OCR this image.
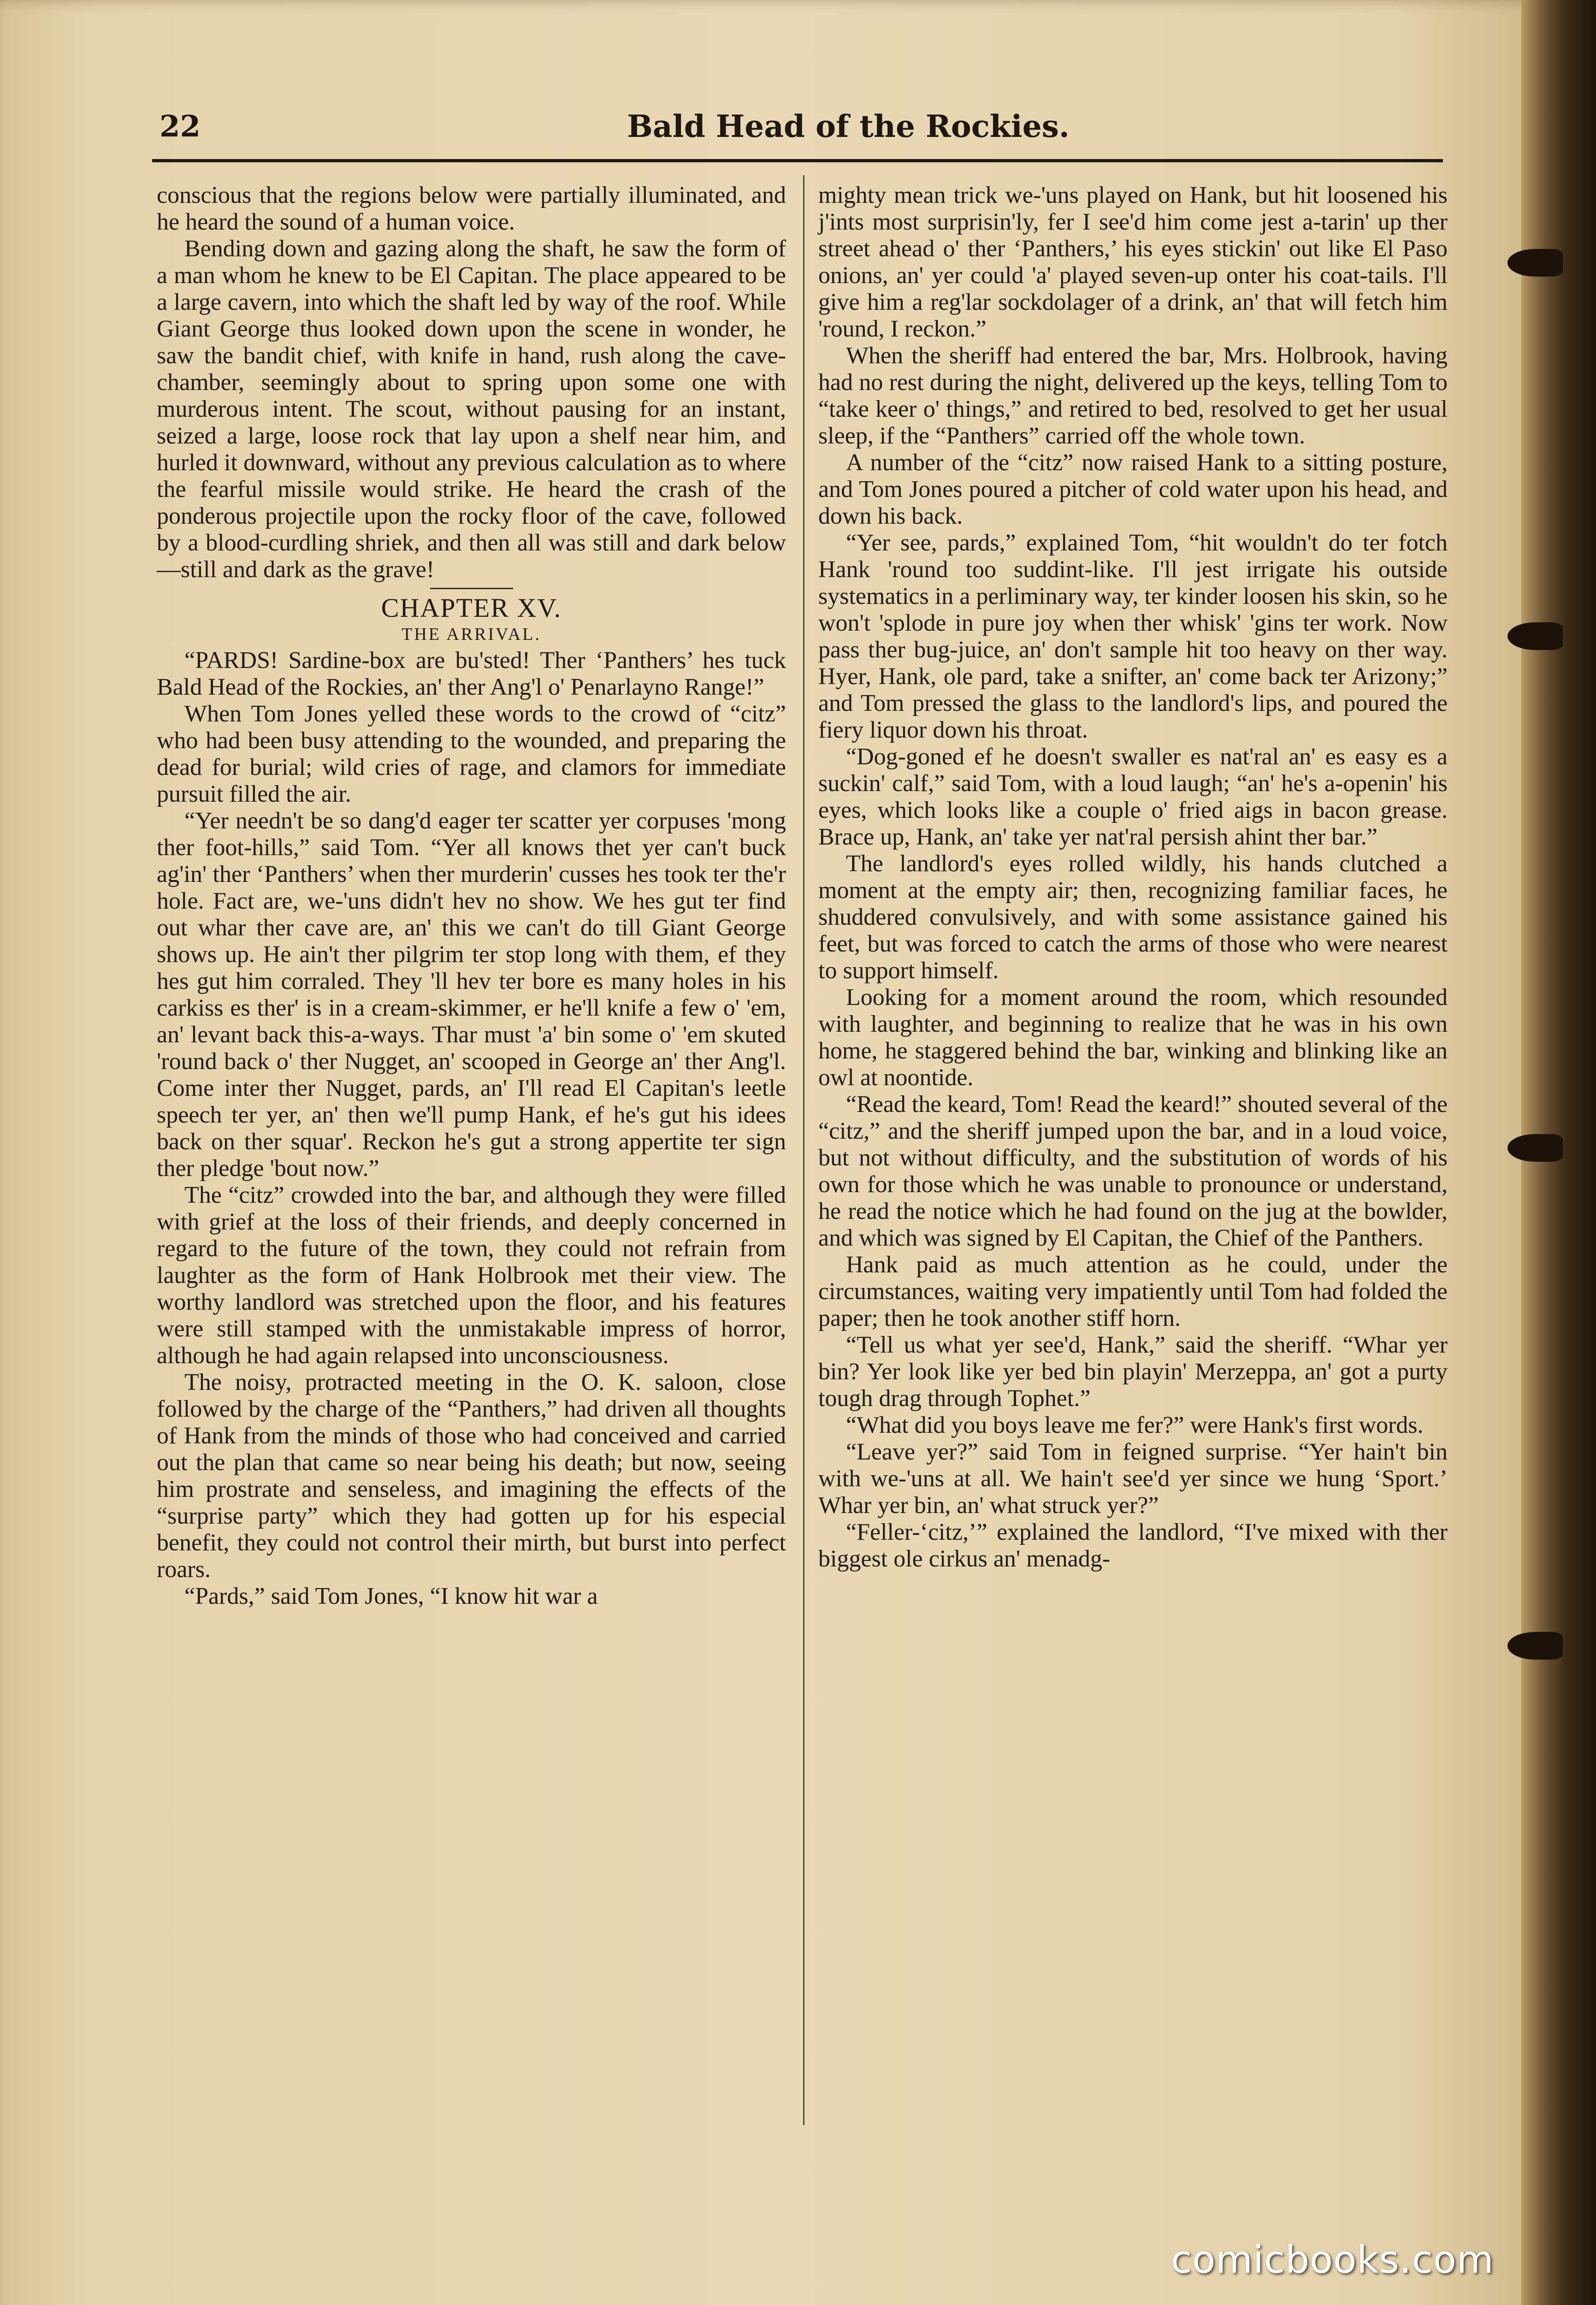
22	Bald Head of the Rockies.

conscious that the regions below were partially illuminated, and he heard the sound of a human voice.

Bending down and gazing along the shaft, he saw the form of a man whom he knew to be El Capitan. The place appeared to be a large cavern, into which the shaft led by way of the roof. While Giant George thus looked down upon the scene in wonder, he saw the bandit chief, with knife in hand, rush along the cave-chamber, seemingly about to spring upon some one with murderous intent. The scout, without pausing for an instant, seized a large, loose rock that lay upon a shelf near him, and hurled it downward, without any previous calculation as to where the fearful missile would strike. He heard the crash of the ponderous projectile upon the rocky floor of the cave, followed by a blood-curdling shriek, and then all was still and dark below—still and dark as the grave!

CHAPTER XV.
THE ARRIVAL.

“PARDS! Sardine-box are bu'sted! Ther ‘Panthers’ hes tuck Bald Head of the Rockies, an' ther Ang'l o' Penarlayno Range!”

When Tom Jones yelled these words to the crowd of “citz” who had been busy attending to the wounded, and preparing the dead for burial; wild cries of rage, and clamors for immediate pursuit filled the air.

“Yer needn't be so dang'd eager ter scatter yer corpuses 'mong ther foot-hills,” said Tom. “Yer all knows thet yer can't buck ag'in' ther ‘Panthers’ when ther murderin' cusses hes took ter the'r hole. Fact are, we-'uns didn't hev no show. We hes gut ter find out whar ther cave are, an' this we can't do till Giant George shows up. He ain't ther pilgrim ter stop long with them, ef they hes gut him corraled. They 'll hev ter bore es many holes in his carkiss es ther' is in a cream-skimmer, er he'll knife a few o' 'em, an' levant back this-a-ways. Thar must 'a' bin some o' 'em skuted 'round back o' ther Nugget, an' scooped in George an' ther Ang'l. Come inter ther Nugget, pards, an' I'll read El Capitan's leetle speech ter yer, an' then we'll pump Hank, ef he's gut his idees back on ther squar'. Reckon he's gut a strong appertite ter sign ther pledge 'bout now.”

The “citz” crowded into the bar, and although they were filled with grief at the loss of their friends, and deeply concerned in regard to the future of the town, they could not refrain from laughter as the form of Hank Holbrook met their view. The worthy landlord was stretched upon the floor, and his features were still stamped with the unmistakable impress of horror, although he had again relapsed into unconsciousness.

The noisy, protracted meeting in the O. K. saloon, close followed by the charge of the “Panthers,” had driven all thoughts of Hank from the minds of those who had conceived and carried out the plan that came so near being his death; but now, seeing him prostrate and senseless, and imagining the effects of the “surprise party” which they had gotten up for his especial benefit, they could not control their mirth, but burst into perfect roars.

“Pards,” said Tom Jones, “I know hit war a

mighty mean trick we-'uns played on Hank, but hit loosened his j'ints most surprisin'ly, fer I see'd him come jest a-tarin' up ther street ahead o' ther ‘Panthers,’ his eyes stickin' out like El Paso onions, an' yer could 'a' played seven-up onter his coat-tails. I'll give him a reg'lar sockdolager of a drink, an' that will fetch him 'round, I reckon.”

When the sheriff had entered the bar, Mrs. Holbrook, having had no rest during the night, delivered up the keys, telling Tom to “take keer o' things,” and retired to bed, resolved to get her usual sleep, if the “Panthers” carried off the whole town.

A number of the “citz” now raised Hank to a sitting posture, and Tom Jones poured a pitcher of cold water upon his head, and down his back.

“Yer see, pards,” explained Tom, “hit wouldn't do ter fotch Hank 'round too suddint-like. I'll jest irrigate his outside systematics in a perliminary way, ter kinder loosen his skin, so he won't 'splode in pure joy when ther whisk' 'gins ter work. Now pass ther bug-juice, an' don't sample hit too heavy on ther way. Hyer, Hank, ole pard, take a snifter, an' come back ter Arizony;” and Tom pressed the glass to the landlord's lips, and poured the fiery liquor down his throat.

“Dog-goned ef he doesn't swaller es nat'ral an' es easy es a suckin' calf,” said Tom, with a loud laugh; “an' he's a-openin' his eyes, which looks like a couple o' fried aigs in bacon grease. Brace up, Hank, an' take yer nat'ral persish ahint ther bar.”

The landlord's eyes rolled wildly, his hands clutched a moment at the empty air; then, recognizing familiar faces, he shuddered convulsively, and with some assistance gained his feet, but was forced to catch the arms of those who were nearest to support himself.

Looking for a moment around the room, which resounded with laughter, and beginning to realize that he was in his own home, he staggered behind the bar, winking and blinking like an owl at noontide.

“Read the keard, Tom! Read the keard!” shouted several of the “citz,” and the sheriff jumped upon the bar, and in a loud voice, but not without difficulty, and the substitution of words of his own for those which he was unable to pronounce or understand, he read the notice which he had found on the jug at the bowlder, and which was signed by El Capitan, the Chief of the Panthers.

Hank paid as much attention as he could, under the circumstances, waiting very impatiently until Tom had folded the paper; then he took another stiff horn.

“Tell us what yer see'd, Hank,” said the sheriff. “Whar yer bin? Yer look like yer bed bin playin' Merzeppa, an' got a purty tough drag through Tophet.”

“What did you boys leave me fer?” were Hank's first words.

“Leave yer?” said Tom in feigned surprise. “Yer hain't bin with we-'uns at all. We hain't see'd yer since we hung ‘Sport.’ Whar yer bin, an' what struck yer?”

“Feller-‘citz,’” explained the landlord, “I've mixed with ther biggest ole cirkus an' menadg-

comicbooks.com
